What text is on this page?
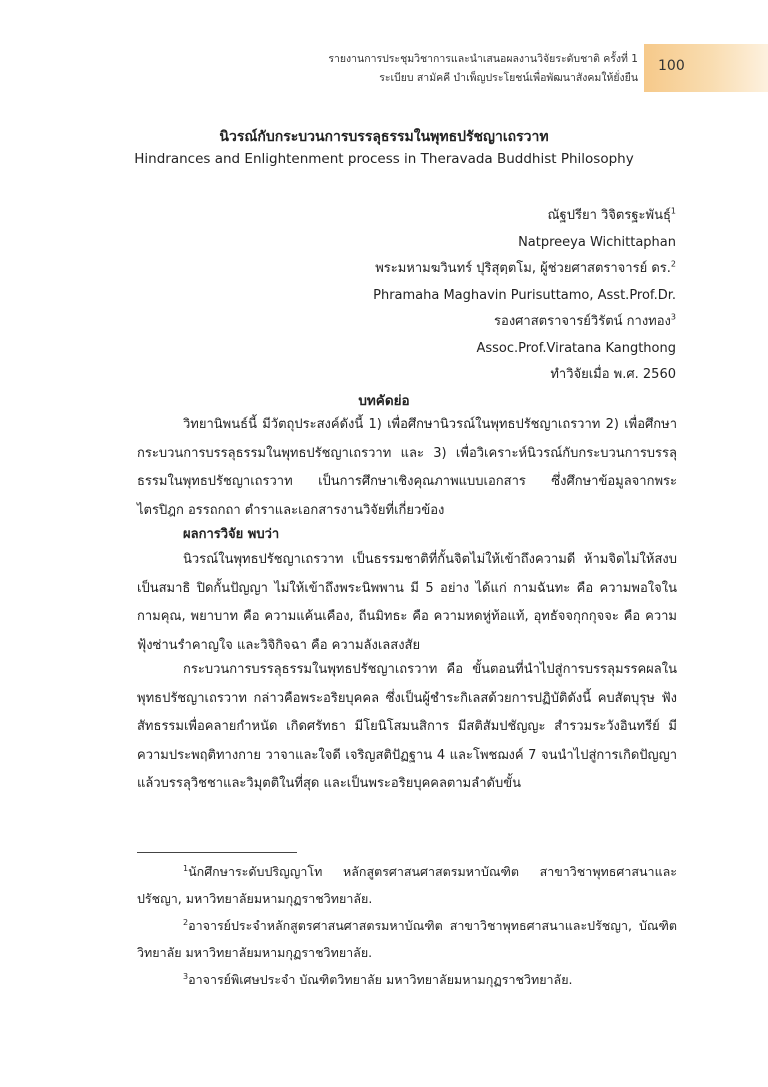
รายงานการประชุมวิชาการและนำเสนอผลงานวิจัยระดับชาติ ครั้งที่ 1
ระเบียบ สามัคคี บำเพ็ญประโยชน์เพื่อพัฒนาสังคมให้ยั่งยืน
100
นิวรณ์กับกระบวนการบรรลุธรรมในพุทธปรัชญาเถรวาท
Hindrances and Enlightenment process in Theravada Buddhist Philosophy
ณัฐปรียา วิจิตรฐะพันธุ์$^1$
Natpreeya Wichittaphan
พระมหามฆวินทร์ ปุริสุตฺตโม, ผู้ช่วยศาสตราจารย์ ดร.$^2$
Phramaha Maghavin Purisuttamo, Asst.Prof.Dr.
รองศาสตราจารย์วิรัตน์ กางทอง$^3$
Assoc.Prof.Viratana Kangthong
ทำวิจัยเมื่อ พ.ศ. 2560
บทคัดย่อ
วิทยานิพนธ์นี้ มีวัตถุประสงค์ดังนี้ 1) เพื่อศึกษานิวรณ์ในพุทธปรัชญาเถรวาท 2) เพื่อศึกษากระบวนการบรรลุธรรมในพุทธปรัชญาเถรวาท และ 3) เพื่อวิเคราะห์นิวรณ์กับกระบวนการบรรลุธรรมในพุทธปรัชญาเถรวาท เป็นการศึกษาเชิงคุณภาพแบบเอกสาร ซึ่งศึกษาข้อมูลจากพระไตรปิฎก อรรถกถา ตำราและเอกสารงานวิจัยที่เกี่ยวข้อง
ผลการวิจัย พบว่า
นิวรณ์ในพุทธปรัชญาเถรวาท เป็นธรรมชาติที่กั้นจิตไม่ให้เข้าถึงความดี ห้ามจิตไม่ให้สงบเป็นสมาธิ ปิดกั้นปัญญา ไม่ให้เข้าถึงพระนิพพาน มี 5 อย่าง ได้แก่ กามฉันทะ คือ ความพอใจในกามคุณ, พยาบาท คือ ความแค้นเคือง, ถีนมิทธะ คือ ความหดหู่ท้อแท้, อุทธัจจกุกกุจจะ คือ ความฟุ้งซ่านรำคาญใจ และวิจิกิจฉา คือ ความลังเลสงสัย
กระบวนการบรรลุธรรมในพุทธปรัชญาเถรวาท คือ ขั้นตอนที่นำไปสู่การบรรลุมรรคผลในพุทธปรัชญาเถรวาท กล่าวคือพระอริยบุคคล ซึ่งเป็นผู้ชำระกิเลสด้วยการปฏิบัติดังนี้ คบสัตบุรุษ ฟังสัทธรรมเพื่อคลายกำหนัด เกิดศรัทธา มีโยนิโสมนสิการ มีสติสัมปชัญญะ สำรวมระวังอินทรีย์ มีความประพฤติทางกาย วาจาและใจดี เจริญสติปัฏฐาน 4 และโพชฌงค์ 7 จนนำไปสู่การเกิดปัญญาแล้วบรรลุวิชชาและวิมุตติในที่สุด และเป็นพระอริยบุคคลตามลำดับขั้น
$^1$นักศึกษาระดับปริญญาโท หลักสูตรศาสนศาสตรมหาบัณฑิต สาขาวิชาพุทธศาสนาและปรัชญา, มหาวิทยาลัยมหามกุฏราชวิทยาลัย.
$^2$อาจารย์ประจำหลักสูตรศาสนศาสตรมหาบัณฑิต สาขาวิชาพุทธศาสนาและปรัชญา, บัณฑิตวิทยาลัย มหาวิทยาลัยมหามกุฏราชวิทยาลัย.
$^3$อาจารย์พิเศษประจำ บัณฑิตวิทยาลัย มหาวิทยาลัยมหามกุฏราชวิทยาลัย.
